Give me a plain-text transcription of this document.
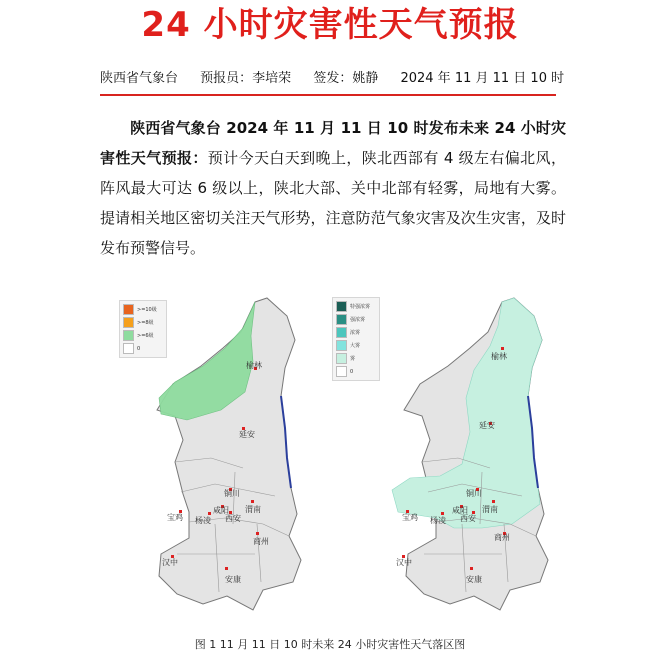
24 小时灾害性天气预报
陕西省气象台 预报员：李培荣 签发：姚静 2024 年 11 月 11 日 10 时
陕西省气象台 2024 年 11 月 11 日 10 时发布未来 24 小时灾害性天气预报：预计今天白天到晚上，陕北西部有 4 级左右偏北风，阵风最大可达 6 级以上，陕北大部、关中北部有轻雾，局地有大雾。提请相关地区密切关注天气形势，注意防范气象灾害及次生灾害，及时发布预警信号。
榆林
延安
铜川
宝鸡 杨凌
咸阳
西安
渭南
商州
汉中
安康
>=10级
>=8级
>=6级
0
榆林
延安
铜川
宝鸡 杨凌
咸阳
西安
渭南
商州
汉中
安康
特强浓雾
强浓雾
浓雾
大雾
雾
0
图 1 11 月 11 日 10 时未来 24 小时灾害性天气落区图
